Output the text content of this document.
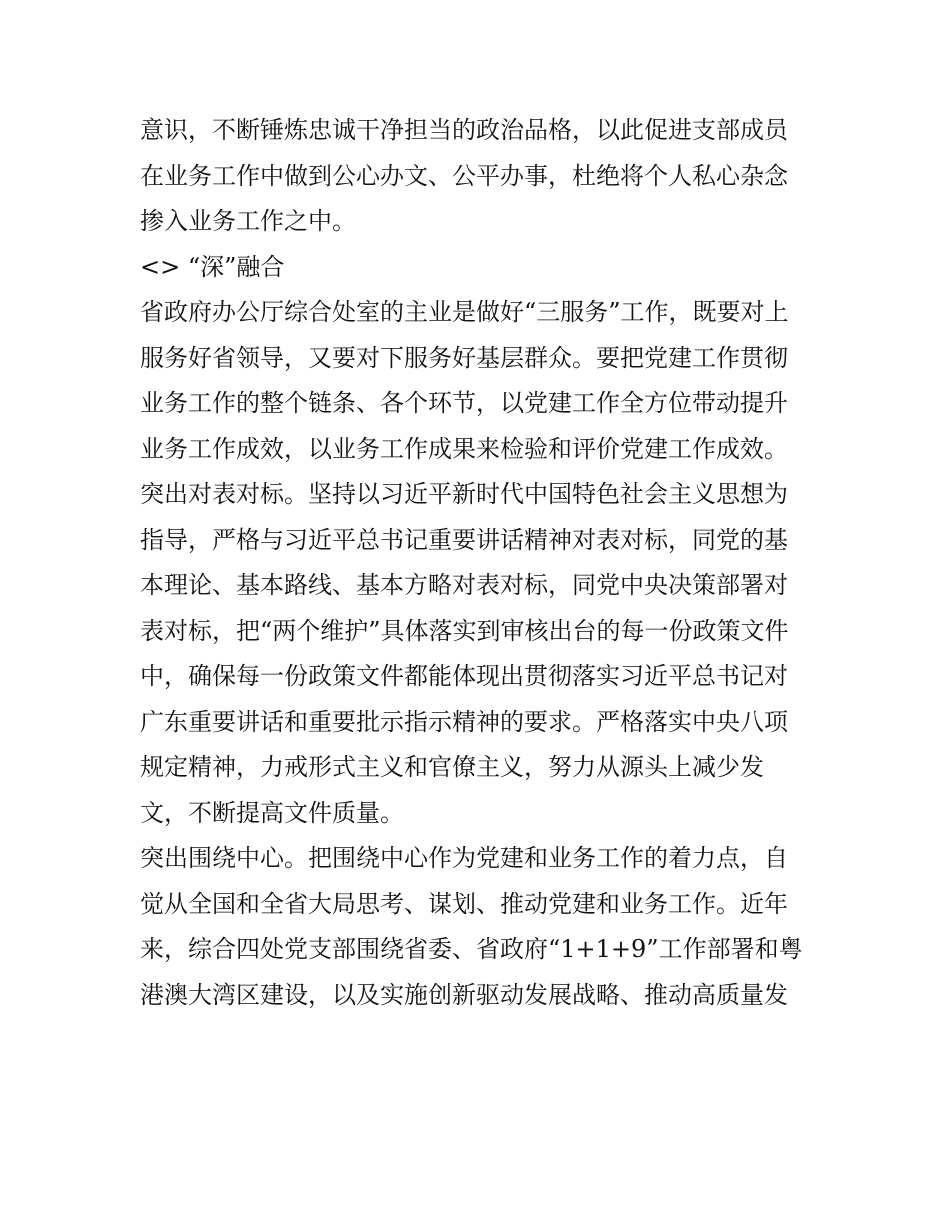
意识，不断锤炼忠诚干净担当的政治品格，以此促进支部成员
在业务工作中做到公心办文、公平办事，杜绝将个人私心杂念
掺入业务工作之中。
<> “深”融合
省政府办公厅综合处室的主业是做好“三服务”工作，既要对上
服务好省领导，又要对下服务好基层群众。要把党建工作贯彻
业务工作的整个链条、各个环节，以党建工作全方位带动提升
业务工作成效，以业务工作成果来检验和评价党建工作成效。
突出对表对标。坚持以习近平新时代中国特色社会主义思想为
指导，严格与习近平总书记重要讲话精神对表对标，同党的基
本理论、基本路线、基本方略对表对标，同党中央决策部署对
表对标，把“两个维护”具体落实到审核出台的每一份政策文件
中，确保每一份政策文件都能体现出贯彻落实习近平总书记对
广东重要讲话和重要批示指示精神的要求。严格落实中央八项
规定精神，力戒形式主义和官僚主义，努力从源头上减少发
文，不断提高文件质量。
突出围绕中心。把围绕中心作为党建和业务工作的着力点，自
觉从全国和全省大局思考、谋划、推动党建和业务工作。近年
来，综合四处党支部围绕省委、省政府“1+1+9”工作部署和粤
港澳大湾区建设，以及实施创新驱动发展战略、推动高质量发
